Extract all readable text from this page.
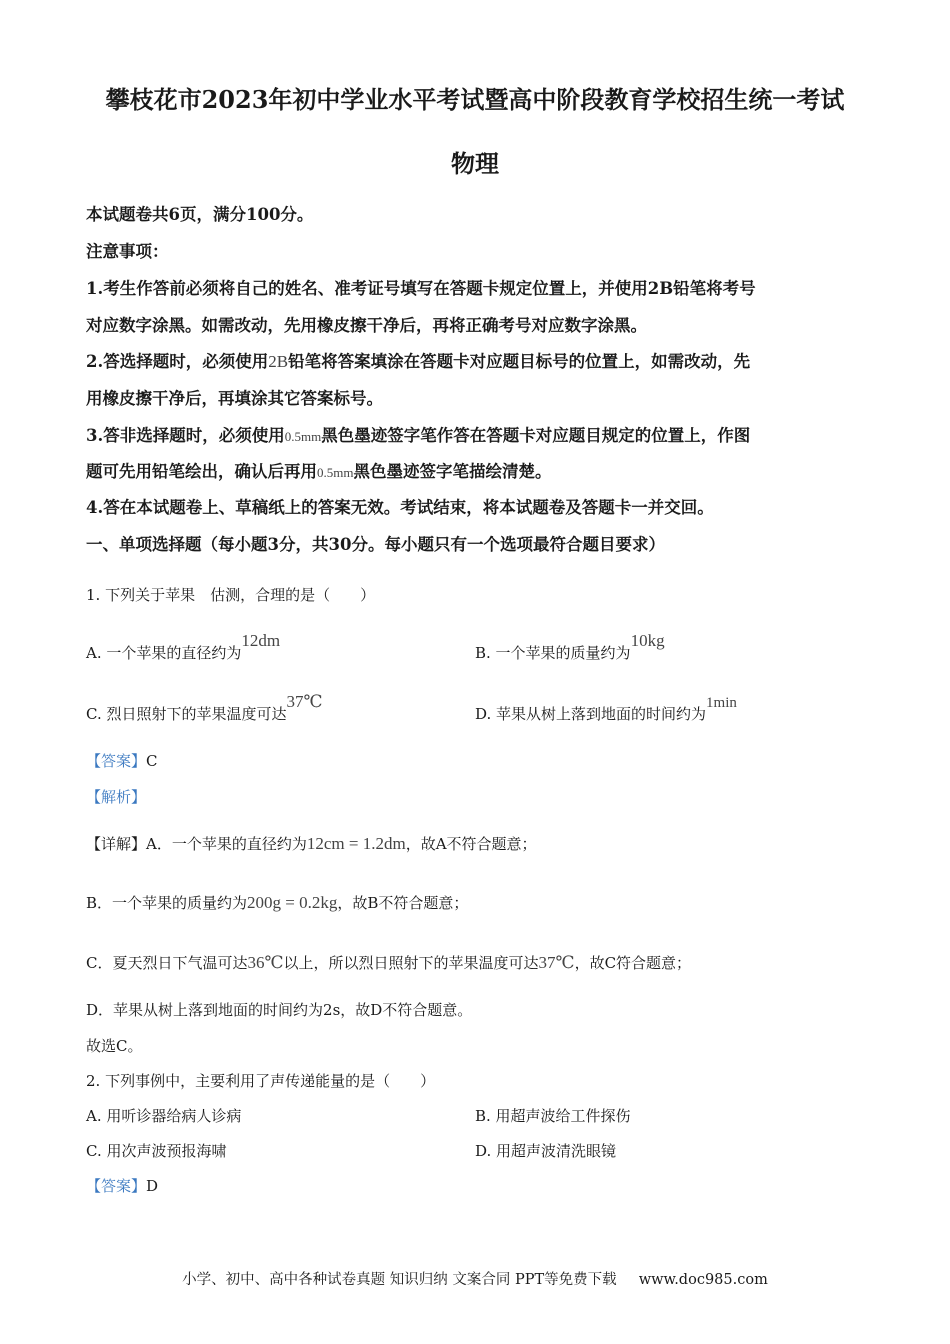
攀枝花市2023年初中学业水平考试暨高中阶段教育学校招生统一考试
物理
本试题卷共6页，满分100分。
注意事项：
1.考生作答前必须将自己的姓名、准考证号填写在答题卡规定位置上，并使用2B铅笔将考号
对应数字涂黑。如需改动，先用橡皮擦干净后，再将正确考号对应数字涂黑。
2.答选择题时，必须使用2B铅笔将答案填涂在答题卡对应题目标号的位置上，如需改动，先
用橡皮擦干净后，再填涂其它答案标号。
3.答非选择题时，必须使用0.5mm黑色墨迹签字笔作答在答题卡对应题目规定的位置上，作图
题可先用铅笔绘出，确认后再用0.5mm黑色墨迹签字笔描绘清楚。
4.答在本试题卷上、草稿纸上的答案无效。考试结束，将本试题卷及答题卡一并交回。
一、单项选择题（每小题3分，共30分。每小题只有一个选项最符合题目要求）
1. 下列关于苹果　估测，合理的是（　　）
A. 一个苹果的直径约为12dm
B. 一个苹果的质量约为10kg
C. 烈日照射下的苹果温度可达37℃
D. 苹果从树上落到地面的时间约为1min
【答案】C
【解析】
【详解】A．一个苹果的直径约为12cm = 1.2dm，故A不符合题意；
B．一个苹果的质量约为200g = 0.2kg，故B不符合题意；
C．夏天烈日下气温可达36℃以上，所以烈日照射下的苹果温度可达37℃，故C符合题意；
D．苹果从树上落到地面的时间约为2s，故D不符合题意。
故选C。
2. 下列事例中，主要利用了声传递能量的是（　　）
A. 用听诊器给病人诊病	B. 用超声波给工件探伤
C. 用次声波预报海啸	D. 用超声波清洗眼镜
【答案】D
小学、初中、高中各种试卷真题 知识归纳 文案合同 PPT等免费下载 www.doc985.com
